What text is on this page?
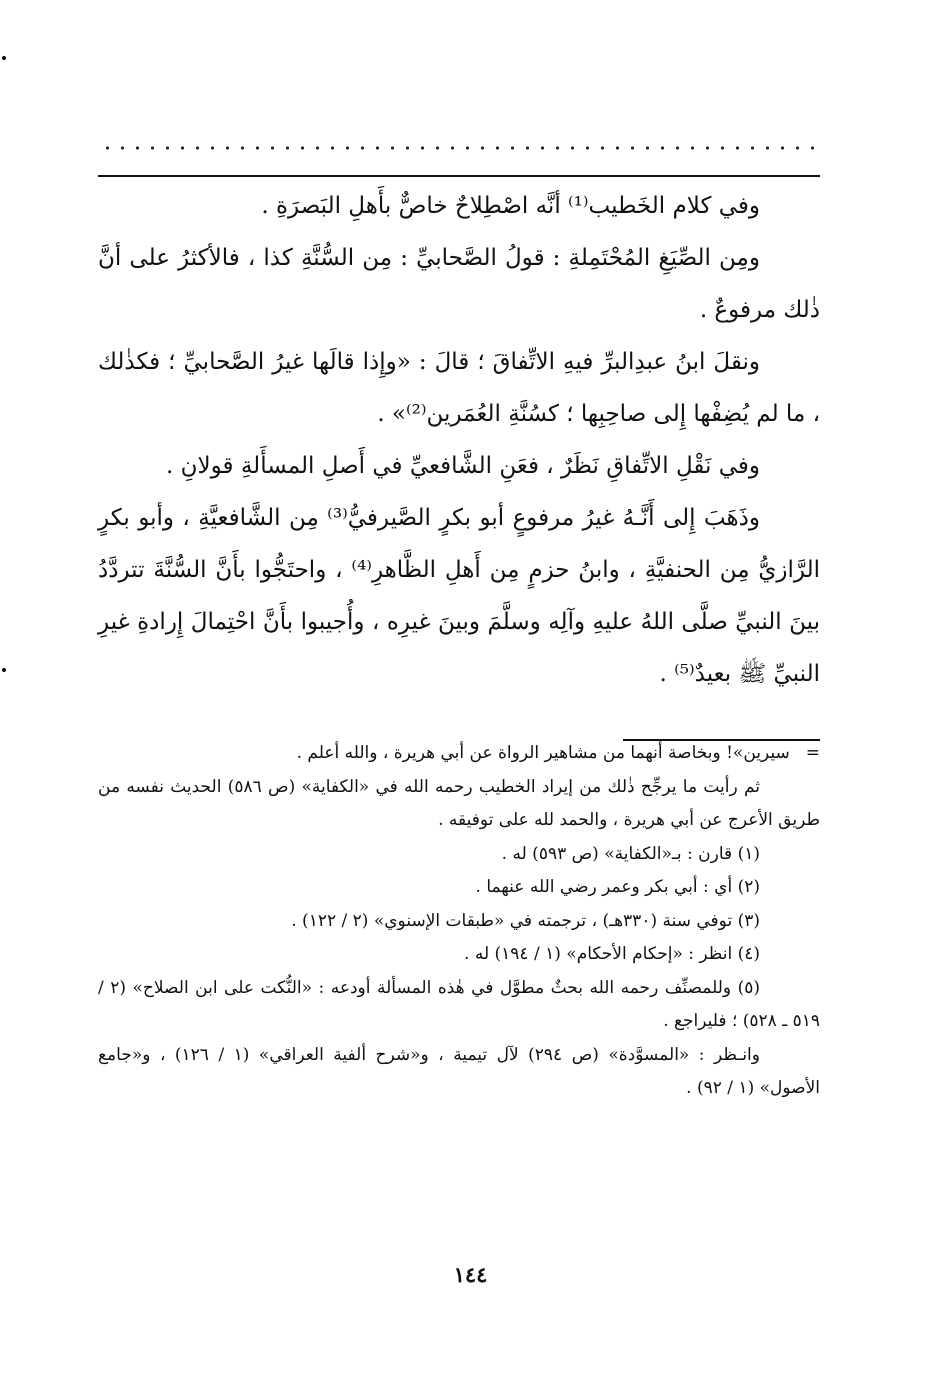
وفي كلام الخَطيب⁽¹⁾ أنَّه اصْطِلاحٌ خاصٌّ بأَهلِ البَصرَةِ .

ومِن الصِّيَغِ المُحْتَمِلةِ : قولُ الصَّحابيِّ : مِن السُّنَّةِ كذا ، فالأكثرُ على أنَّ ذٰلك مرفوعٌ .

ونقلَ ابنُ عبدِالبرِّ فيهِ الاتِّفاقَ ؛ قالَ : «وإِذا قالَها غيرُ الصَّحابيِّ ؛ فكذٰلك ، ما لم يُضِفْها إِلى صاحِبِها ؛ كسُنَّةِ العُمَرين⁽²⁾» .

وفي نَقْلِ الاتِّفاقِ نَظَرٌ ، فعَنِ الشَّافعيِّ في أَصلِ المسأَلةِ قولانِ .

وذَهَبَ إِلى أَنَّـهُ غيرُ مرفوعٍ أبو بكرٍ الصَّيرفيُّ⁽³⁾ مِن الشَّافعيَّةِ ، وأبو بكرٍ الرَّازيُّ مِن الحنفيَّةِ ، وابنُ حزمٍ مِن أَهلِ الظَّاهرِ⁽⁴⁾ ، واحتَجُّوا بأَنَّ السُّنَّةَ تتردَّدُ بينَ النبيِّ صلَّى اللهُ عليهِ وآلِه وسلَّمَ وبينَ غيرِه ، وأُجيبوا بأَنَّ احْتِمالَ إِرادةِ غيرِ النبيِّ ﷺ بعيدٌ⁽⁵⁾ .

=سيرين»! وبخاصة أنهما من مشاهير الرواة عن أبي هريرة ، والله أعلم .

ثم رأيت ما يرجِّح ذٰلك من إيراد الخطيب رحمه الله في «الكفاية» (ص ٥٨٦) الحديث نفسه من طريق الأعرج عن أبي هريرة ، والحمد لله على توفيقه .

(١) قارن : بـ«الكفاية» (ص ٥٩٣) له .

(٢) أي : أبي بكر وعمر رضي الله عنهما .

(٣) توفي سنة (٣٣٠هـ) ، ترجمته في «طبقات الإسنوي» (٢ / ١٢٢) .

(٤) انظر : «إحكام الأحكام» (١ / ١٩٤) له .

(٥) وللمصنِّف رحمه الله بحثٌ مطوَّل في هٰذه المسألة أودعه : «النُّكت على ابن الصلاح» (٢ / ٥١٩ ـ ٥٢٨) ؛ فليراجع .

وانـظر : «المسوَّدة» (ص ٢٩٤) لآل تيمية ، و«شرح ألفية العراقي» (١ / ١٢٦) ، و«جامع الأصول» (١ / ٩٢) .

١٤٤
